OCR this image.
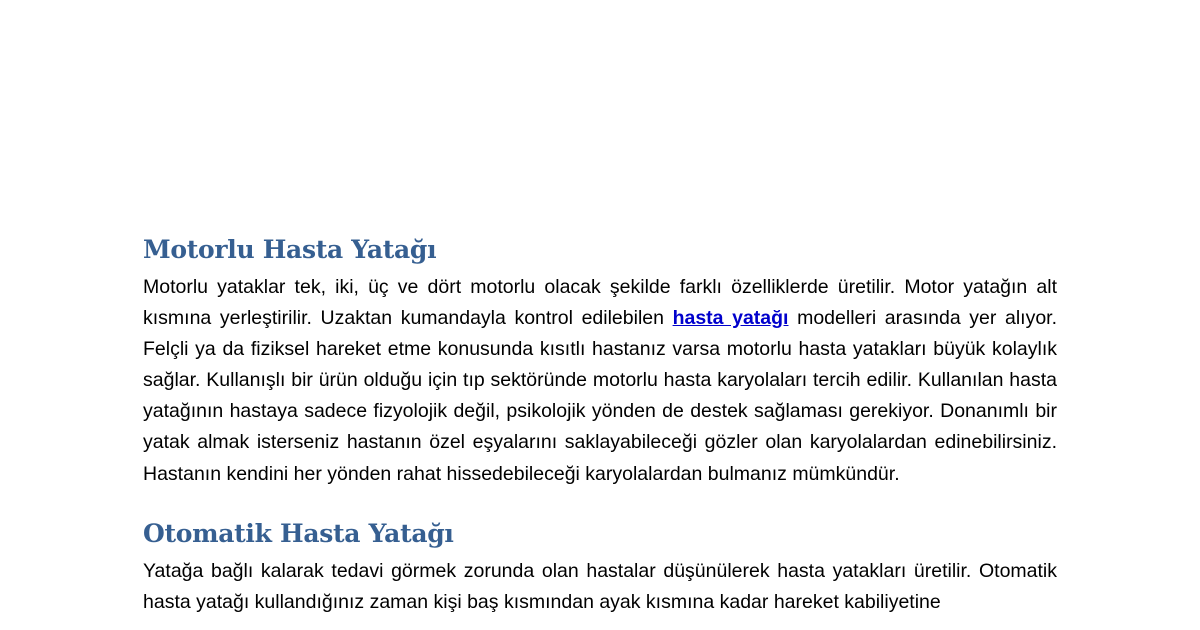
Motorlu Hasta Yatağı

Motorlu yataklar tek, iki, üç ve dört motorlu olacak şekilde farklı özelliklerde üretilir. Motor yatağın alt kısmına yerleştirilir. Uzaktan kumandayla kontrol edilebilen hasta yatağı modelleri arasında yer alıyor. Felçli ya da fiziksel hareket etme konusunda kısıtlı hastanız varsa motorlu hasta yatakları büyük kolaylık sağlar. Kullanışlı bir ürün olduğu için tıp sektöründe motorlu hasta karyolaları tercih edilir. Kullanılan hasta yatağının hastaya sadece fizyolojik değil, psikolojik yönden de destek sağlaması gerekiyor. Donanımlı bir yatak almak isterseniz hastanın özel eşyalarını saklayabileceği gözler olan karyolalardan edinebilirsiniz. Hastanın kendini her yönden rahat hissedebileceği karyolalardan bulmanız mümkündür.

Otomatik Hasta Yatağı

Yatağa bağlı kalarak tedavi görmek zorunda olan hastalar düşünülerek hasta yatakları üretilir. Otomatik hasta yatağı kullandığınız zaman kişi baş kısmından ayak kısmına kadar hareket kabiliyetine
